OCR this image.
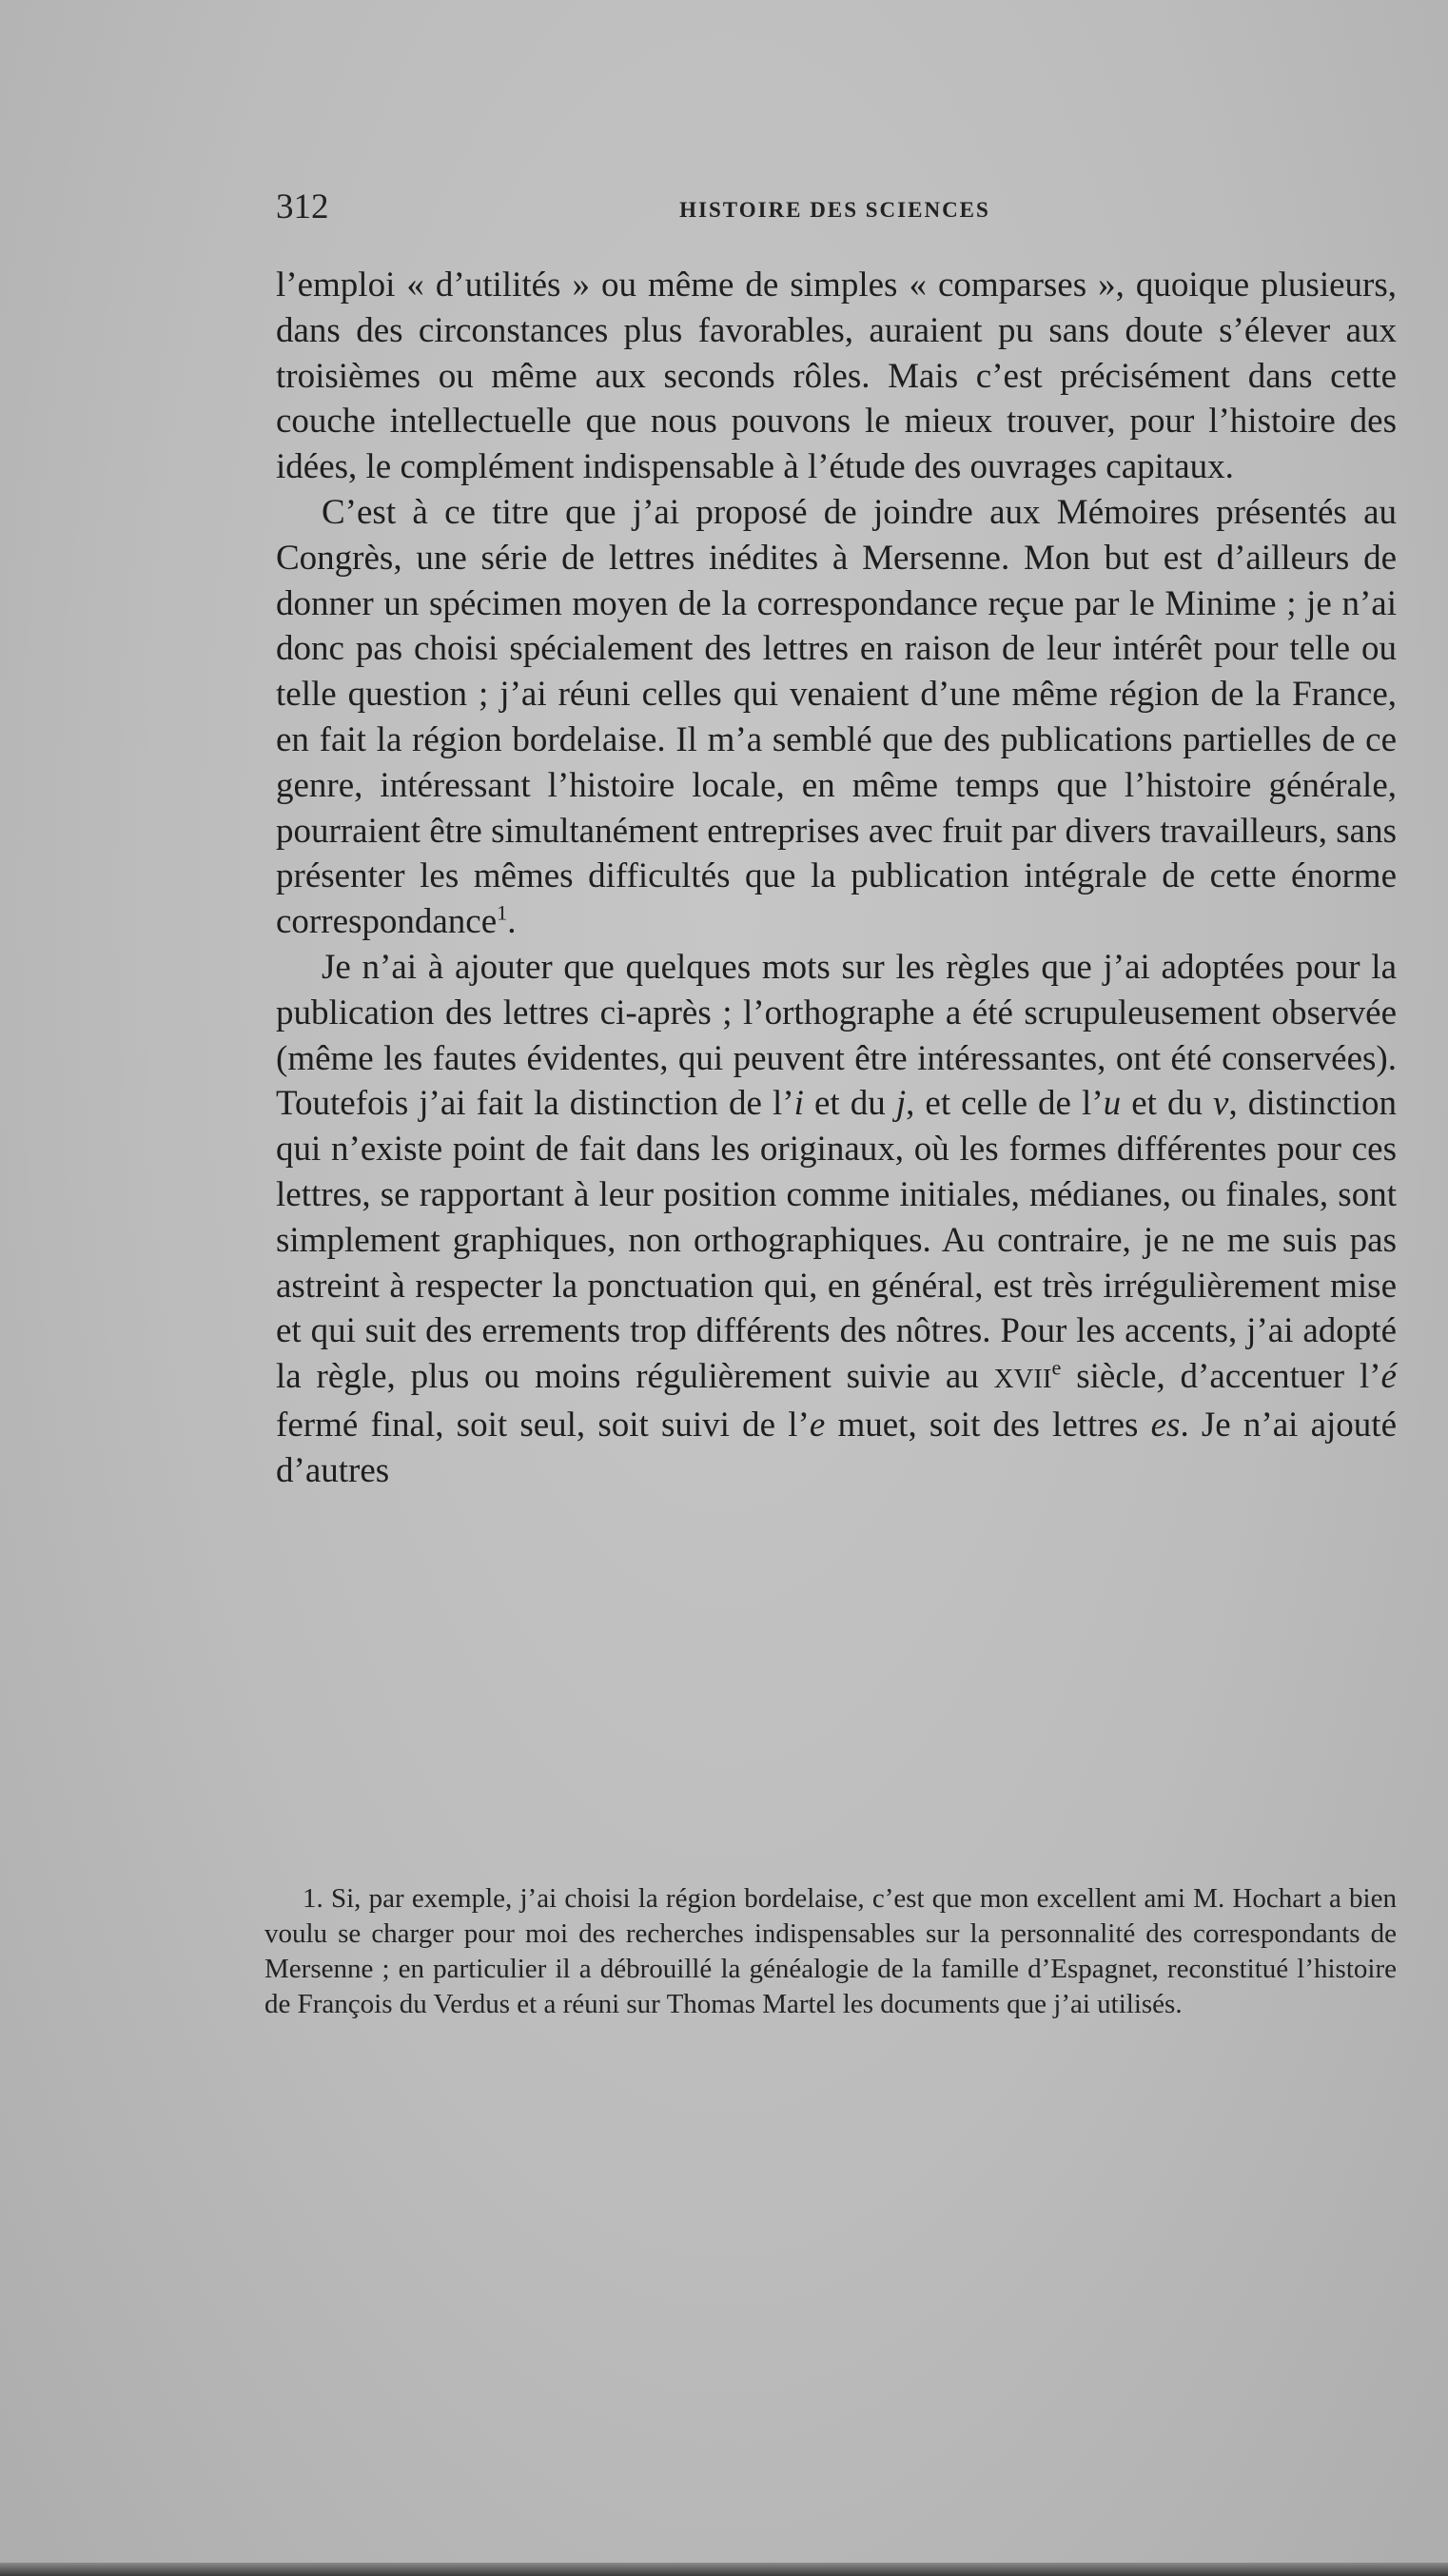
312	HISTOIRE DES SCIENCES

l’emploi « d’utilités » ou même de simples « comparses », quoique plusieurs, dans des circonstances plus favorables, auraient pu sans doute s’élever aux troisièmes ou même aux seconds rôles. Mais c’est précisément dans cette couche intellectuelle que nous pouvons le mieux trouver, pour l’histoire des idées, le complément indispensable à l’étude des ouvrages capitaux.

C’est à ce titre que j’ai proposé de joindre aux Mémoires présentés au Congrès, une série de lettres inédites à Mersenne. Mon but est d’ailleurs de donner un spécimen moyen de la correspondance reçue par le Minime ; je n’ai donc pas choisi spécialement des lettres en raison de leur intérêt pour telle ou telle question ; j’ai réuni celles qui venaient d’une même région de la France, en fait la région bordelaise. Il m’a semblé que des publications partielles de ce genre, intéressant l’histoire locale, en même temps que l’histoire générale, pourraient être simultanément entreprises avec fruit par divers travailleurs, sans présenter les mêmes difficultés que la publication intégrale de cette énorme correspondance$^1$.

Je n’ai à ajouter que quelques mots sur les règles que j’ai adoptées pour la publication des lettres ci-après ; l’orthographe a été scrupuleusement observée (même les fautes évidentes, qui peuvent être intéressantes, ont été conservées). Toutefois j’ai fait la distinction de l’i et du j, et celle de l’u et du v, distinction qui n’existe point de fait dans les originaux, où les formes différentes pour ces lettres, se rapportant à leur position comme initiales, médianes, ou finales, sont simplement graphiques, non orthographiques. Au contraire, je ne me suis pas astreint à respecter la ponctuation qui, en général, est très irrégulièrement mise et qui suit des errements trop différents des nôtres. Pour les accents, j’ai adopté la règle, plus ou moins régulièrement suivie au XVIIe siècle, d’accentuer l’é fermé final, soit seul, soit suivi de l’e muet, soit des lettres es. Je n’ai ajouté d’autres

1. Si, par exemple, j’ai choisi la région bordelaise, c’est que mon excellent ami M. Hochart a bien voulu se charger pour moi des recherches indispensables sur la personnalité des correspondants de Mersenne ; en particulier il a débrouillé la généalogie de la famille d’Espagnet, reconstitué l’histoire de François du Verdus et a réuni sur Thomas Martel les documents que j’ai utilisés.
